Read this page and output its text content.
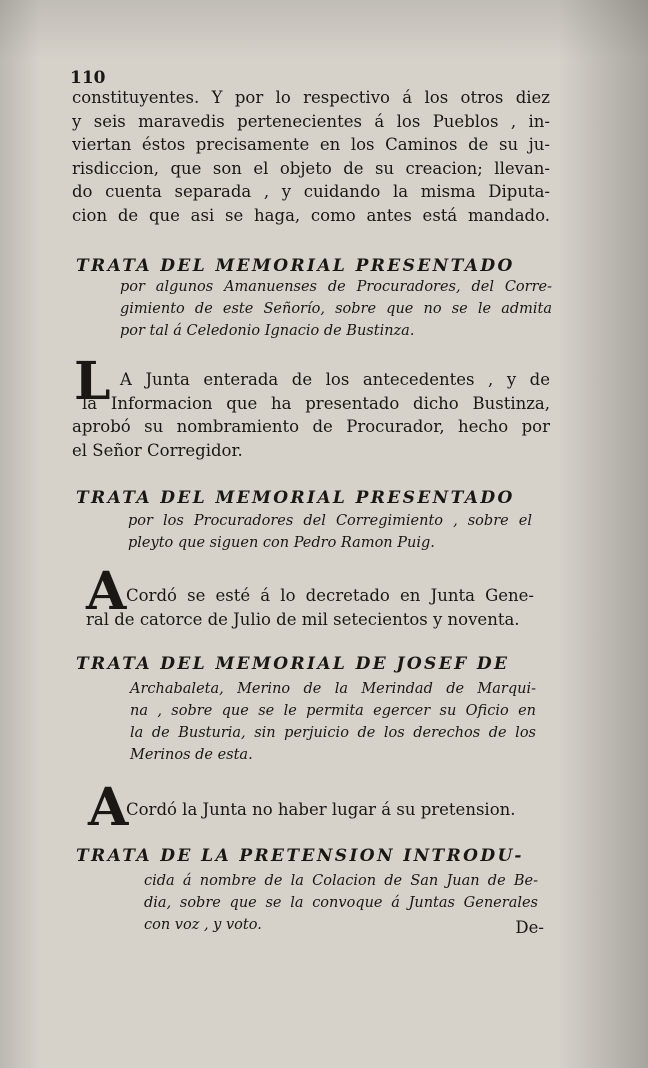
110
constituyentes. Y por lo respectivo á los otros diez
y seis maravedis pertenecientes á los Pueblos , in-
viertan éstos precisamente en los Caminos de su ju-
risdiccion, que son el objeto de su creacion; llevan-
do cuenta separada , y cuidando la misma Diputa-
cion de que asi se haga, como antes está mandado.
TRATA DEL MEMORIAL PRESENTADO
por algunos Amanuenses de Procuradores, del Corre-
gimiento de este Señorío, sobre que no se le admita
por tal á Celedonio Ignacio de Bustinza.
L A Junta enterada de los antecedentes , y de
la Informacion que ha presentado dicho Bustinza,
aprobó su nombramiento de Procurador, hecho por
el Señor Corregidor.
TRATA DEL MEMORIAL PRESENTADO
por los Procuradores del Corregimiento , sobre el
pleyto que siguen con Pedro Ramon Puig.
A Cordó se esté á lo decretado en Junta Gene-
ral de catorce de Julio de mil setecientos y noventa.
TRATA DEL MEMORIAL DE JOSEF DE
Archabaleta, Merino de la Merindad de Marqui-
na , sobre que se le permita egercer su Oficio en
la de Busturia, sin perjuicio de los derechos de los
Merinos de esta.
A
Cordó la Junta no haber lugar á su pretension.
TRATA DE LA PRETENSION INTRODU-
cida á nombre de la Colacion de San Juan de Be-
dia, sobre que se la convoque á Juntas Generales
con voz , y voto.	De-
